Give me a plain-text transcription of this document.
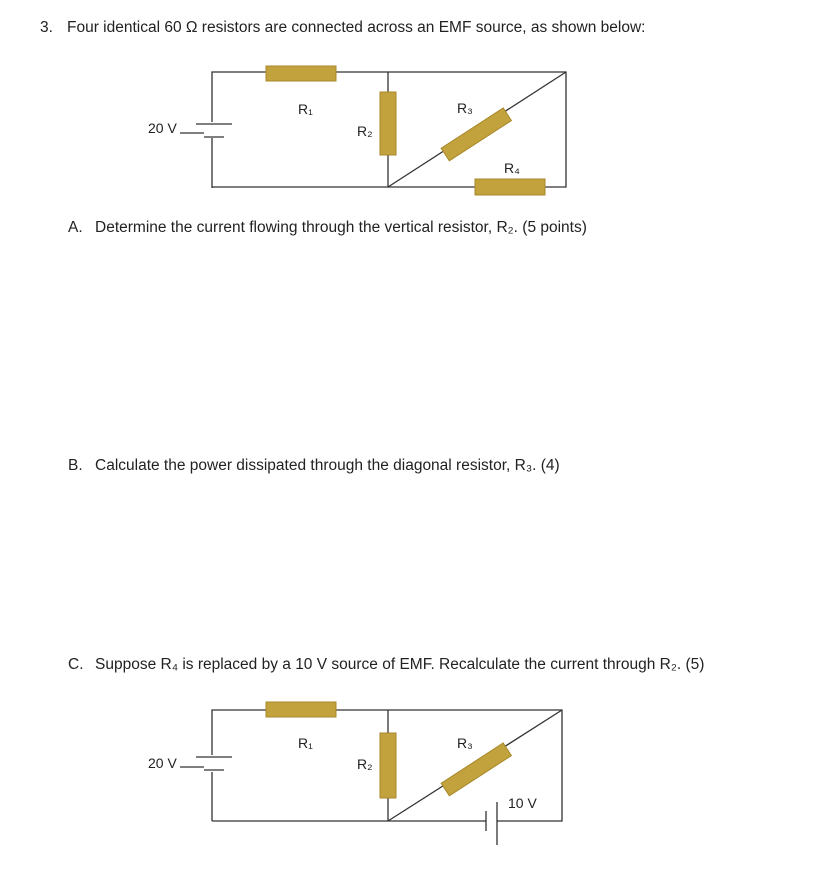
3. Four identical 60 Ω resistors are connected across an EMF source, as shown below:
20 V
R₁
R₂
R₃
R₄
A. Determine the current flowing through the vertical resistor, R₂. (5 points)
B. Calculate the power dissipated through the diagonal resistor, R₃. (4)
C. Suppose R₄ is replaced by a 10 V source of EMF. Recalculate the current through R₂. (5)
20 V
10 V
R₁
R₂
R₃
